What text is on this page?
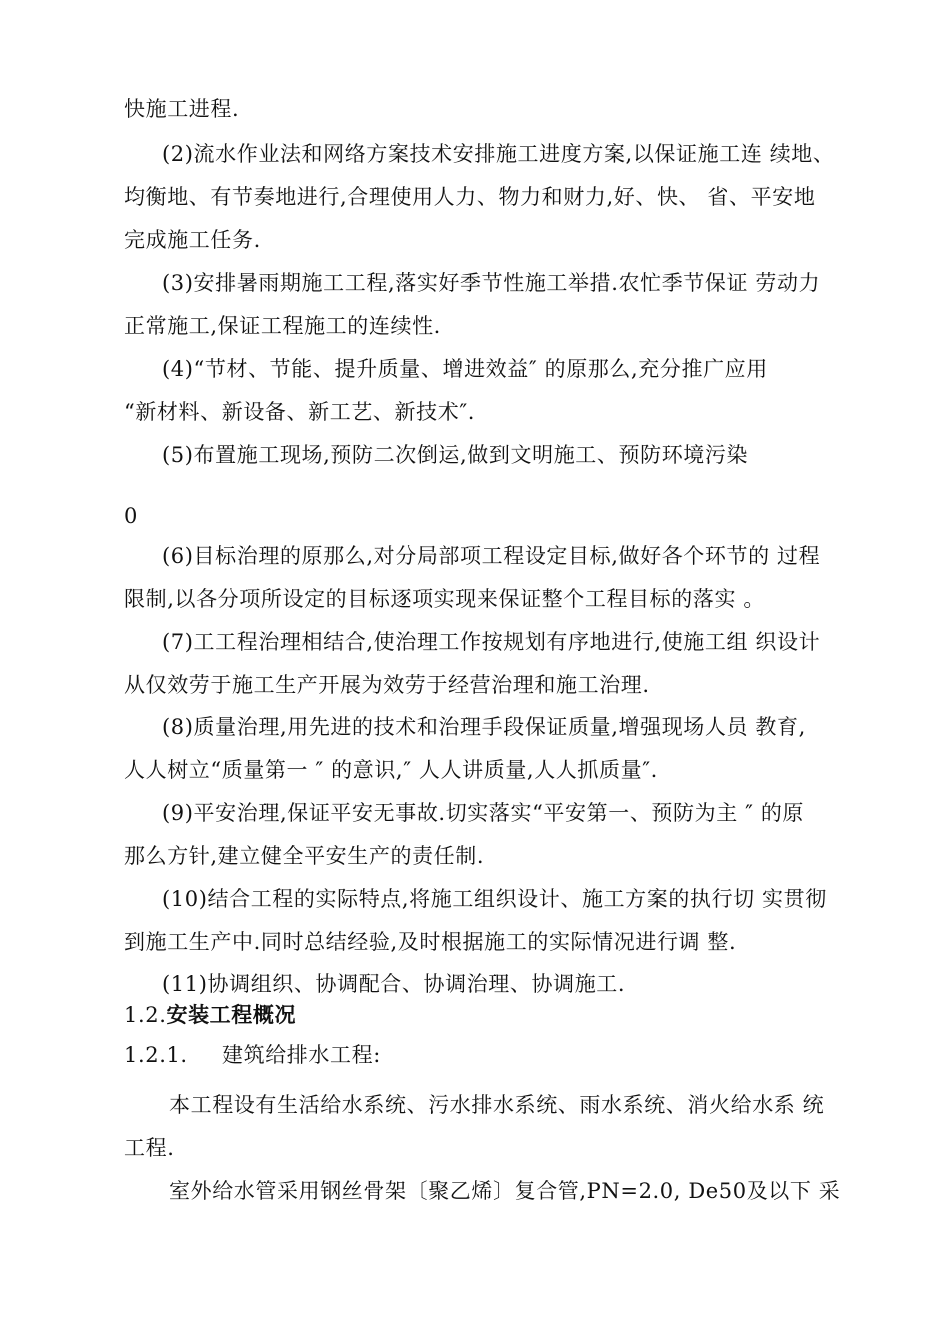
快施工进程.
(2)流水作业法和网络方案技术安排施工进度方案,以保证施工连 续地、
均衡地、有节奏地进行,合理使用人力、物力和财力,好、快、 省、平安地
完成施工任务.
(3)安排暑雨期施工工程,落实好季节性施工举措.农忙季节保证 劳动力
正常施工,保证工程施工的连续性.
(4)“节材、节能、提升质量、增进效益″ 的原那么,充分推广应用
“新材料、新设备、新工艺、新技术″.
(5)布置施工现场,预防二次倒运,做到文明施工、预防环境污染
0
(6)目标治理的原那么,对分局部项工程设定目标,做好各个环节的 过程
限制,以各分项所设定的目标逐项实现来保证整个工程目标的落实 。
(7)工工程治理相结合,使治理工作按规划有序地进行,使施工组 织设计
从仅效劳于施工生产开展为效劳于经营治理和施工治理.
(8)质量治理,用先进的技术和治理手段保证质量,增强现场人员 教育,
人人树立“质量第一 ″ 的意识,″ 人人讲质量,人人抓质量″.
(9)平安治理,保证平安无事故.切实落实“平安第一、预防为主 ″ 的原
那么方针,建立健全平安生产的责任制.
(10)结合工程的实际特点,将施工组织设计、施工方案的执行切 实贯彻
到施工生产中.同时总结经验,及时根据施工的实际情况进行调 整.
(11)协调组织、协调配合、协调治理、协调施工.
1.2.安装工程概况
1.2.1. 建筑给排水工程:
本工程设有生活给水系统、污水排水系统、雨水系统、消火给水系 统
工程.
室外给水管采用钢丝骨架〔聚乙烯〕复合管,PN=2.0, De50及以下 采
